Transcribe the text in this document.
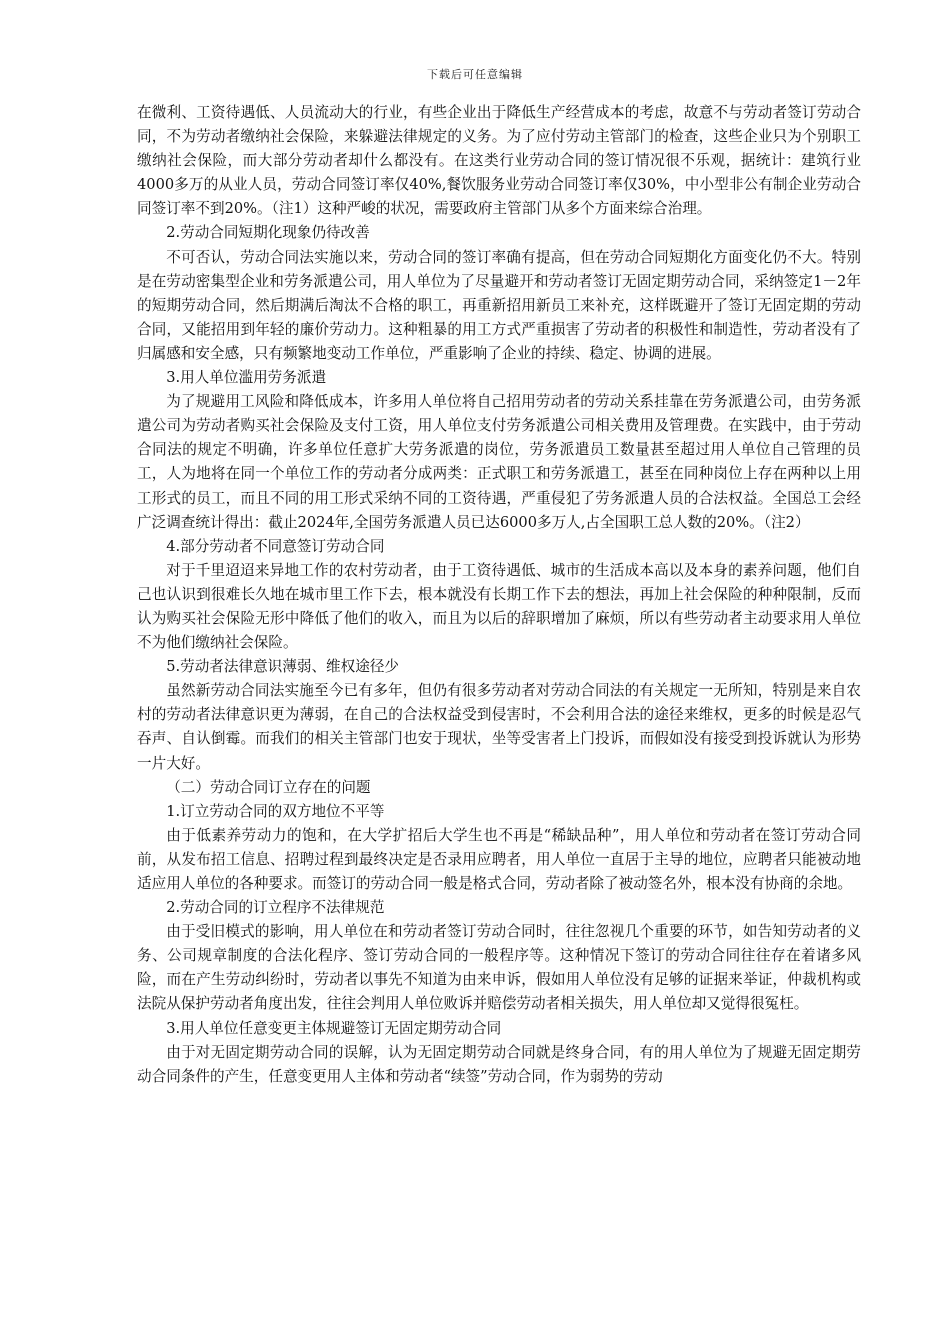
下载后可任意编辑

在微利、工资待遇低、人员流动大的行业，有些企业出于降低生产经营成本的考虑，故意不与劳动者签订劳动合同，不为劳动者缴纳社会保险，来躲避法律规定的义务。为了应付劳动主管部门的检查，这些企业只为个别职工缴纳社会保险，而大部分劳动者却什么都没有。在这类行业劳动合同的签订情况很不乐观，据统计：建筑行业4000多万的从业人员，劳动合同签订率仅40%,餐饮服务业劳动合同签订率仅30%，中小型非公有制企业劳动合同签订率不到20%。（注1）这种严峻的状况，需要政府主管部门从多个方面来综合治理。

2.劳动合同短期化现象仍待改善

不可否认，劳动合同法实施以来，劳动合同的签订率确有提高，但在劳动合同短期化方面变化仍不大。特别是在劳动密集型企业和劳务派遣公司，用人单位为了尽量避开和劳动者签订无固定期劳动合同，采纳签定1－2年的短期劳动合同，然后期满后淘汰不合格的职工，再重新招用新员工来补充，这样既避开了签订无固定期的劳动合同，又能招用到年轻的廉价劳动力。这种粗暴的用工方式严重损害了劳动者的积极性和制造性，劳动者没有了归属感和安全感，只有频繁地变动工作单位，严重影响了企业的持续、稳定、协调的进展。

3.用人单位滥用劳务派遣

为了规避用工风险和降低成本，许多用人单位将自己招用劳动者的劳动关系挂靠在劳务派遣公司，由劳务派遣公司为劳动者购买社会保险及支付工资，用人单位支付劳务派遣公司相关费用及管理费。在实践中，由于劳动合同法的规定不明确，许多单位任意扩大劳务派遣的岗位，劳务派遣员工数量甚至超过用人单位自己管理的员工，人为地将在同一个单位工作的劳动者分成两类：正式职工和劳务派遣工，甚至在同种岗位上存在两种以上用工形式的员工，而且不同的用工形式采纳不同的工资待遇，严重侵犯了劳务派遣人员的合法权益。全国总工会经广泛调查统计得出：截止2024年,全国劳务派遣人员已达6000多万人,占全国职工总人数的20%。（注2）

4.部分劳动者不同意签订劳动合同

对于千里迢迢来异地工作的农村劳动者，由于工资待遇低、城市的生活成本高以及本身的素养问题，他们自己也认识到很难长久地在城市里工作下去，根本就没有长期工作下去的想法，再加上社会保险的种种限制，反而认为购买社会保险无形中降低了他们的收入，而且为以后的辞职增加了麻烦，所以有些劳动者主动要求用人单位不为他们缴纳社会保险。

5.劳动者法律意识薄弱、维权途径少

虽然新劳动合同法实施至今已有多年，但仍有很多劳动者对劳动合同法的有关规定一无所知，特别是来自农村的劳动者法律意识更为薄弱，在自己的合法权益受到侵害时，不会利用合法的途径来维权，更多的时候是忍气吞声、自认倒霉。而我们的相关主管部门也安于现状，坐等受害者上门投诉，而假如没有接受到投诉就认为形势一片大好。

（二）劳动合同订立存在的问题

1.订立劳动合同的双方地位不平等

由于低素养劳动力的饱和，在大学扩招后大学生也不再是“稀缺品种”，用人单位和劳动者在签订劳动合同前，从发布招工信息、招聘过程到最终决定是否录用应聘者，用人单位一直居于主导的地位，应聘者只能被动地适应用人单位的各种要求。而签订的劳动合同一般是格式合同，劳动者除了被动签名外，根本没有协商的余地。

2.劳动合同的订立程序不法律规范

由于受旧模式的影响，用人单位在和劳动者签订劳动合同时，往往忽视几个重要的环节，如告知劳动者的义务、公司规章制度的合法化程序、签订劳动合同的一般程序等。这种情况下签订的劳动合同往往存在着诸多风险，而在产生劳动纠纷时，劳动者以事先不知道为由来申诉，假如用人单位没有足够的证据来举证，仲裁机构或法院从保护劳动者角度出发，往往会判用人单位败诉并赔偿劳动者相关损失，用人单位却又觉得很冤枉。

3.用人单位任意变更主体规避签订无固定期劳动合同

由于对无固定期劳动合同的误解，认为无固定期劳动合同就是终身合同，有的用人单位为了规避无固定期劳动合同条件的产生，任意变更用人主体和劳动者“续签”劳动合同，作为弱势的劳动
